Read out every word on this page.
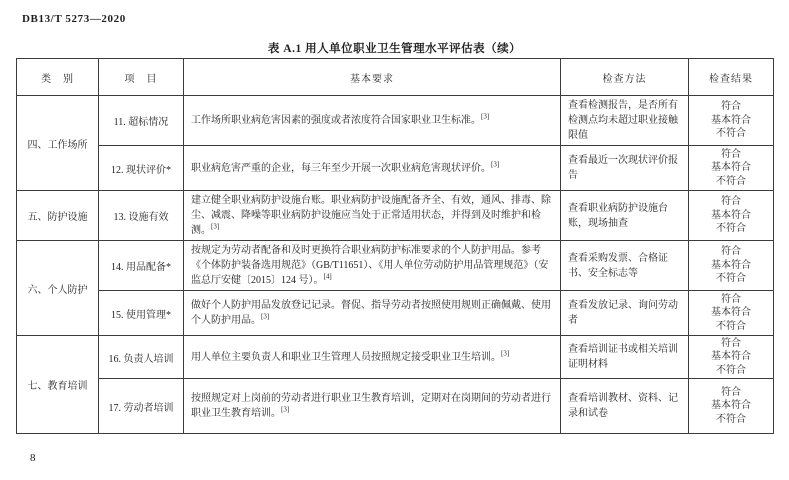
DB13/T 5273—2020
表 A.1 用人单位职业卫生管理水平评估表（续）
类　别	项　目	基本要求	检查方法	检查结果
四、工作场所	11. 超标情况	工作场所职业病危害因素的强度或者浓度符合国家职业卫生标准。[3]	查看检测报告，是否所有检测点均未超过职业接触限值	符合
基本符合
不符合

	12. 现状评价*	职业病危害严重的企业，每三年至少开展一次职业病危害现状评价。[3]	查看最近一次现状评价报告	符合
基本符合
不符合

五、防护设施	13. 设施有效	建立健全职业病防护设施台账。职业病防护设施配备齐全、有效，通风、排毒、除尘、减震、降噪等职业病防护设施应当处于正常适用状态，并得到及时维护和检测。[3]	查看职业病防护设施台账，现场抽查	符合
基本符合
不符合

六、个人防护	14. 用品配备*	按规定为劳动者配备和及时更换符合职业病防护标准要求的个人防护用品。参考《个体防护装备选用规范》（GB/T11651）、《用人单位劳动防护用品管理规范》（安监总厅安健〔2015〕124 号）。[4]	查看采购发票、合格证书、安全标志等	符合
基本符合
不符合

	15. 使用管理*	做好个人防护用品发放登记记录。督促、指导劳动者按照使用规则正确佩戴、使用个人防护用品。[3]	查看发放记录、询问劳动者	符合
基本符合
不符合

七、教育培训	16. 负责人培训	用人单位主要负责人和职业卫生管理人员按照规定接受职业卫生培训。[3]	查看培训证书或相关培训证明材料	符合
基本符合
不符合

	17. 劳动者培训	按照规定对上岗前的劳动者进行职业卫生教育培训，定期对在岗期间的劳动者进行职业卫生教育培训。[3]	查看培训教材、资料、记录和试卷	符合
基本符合
不符合
8
